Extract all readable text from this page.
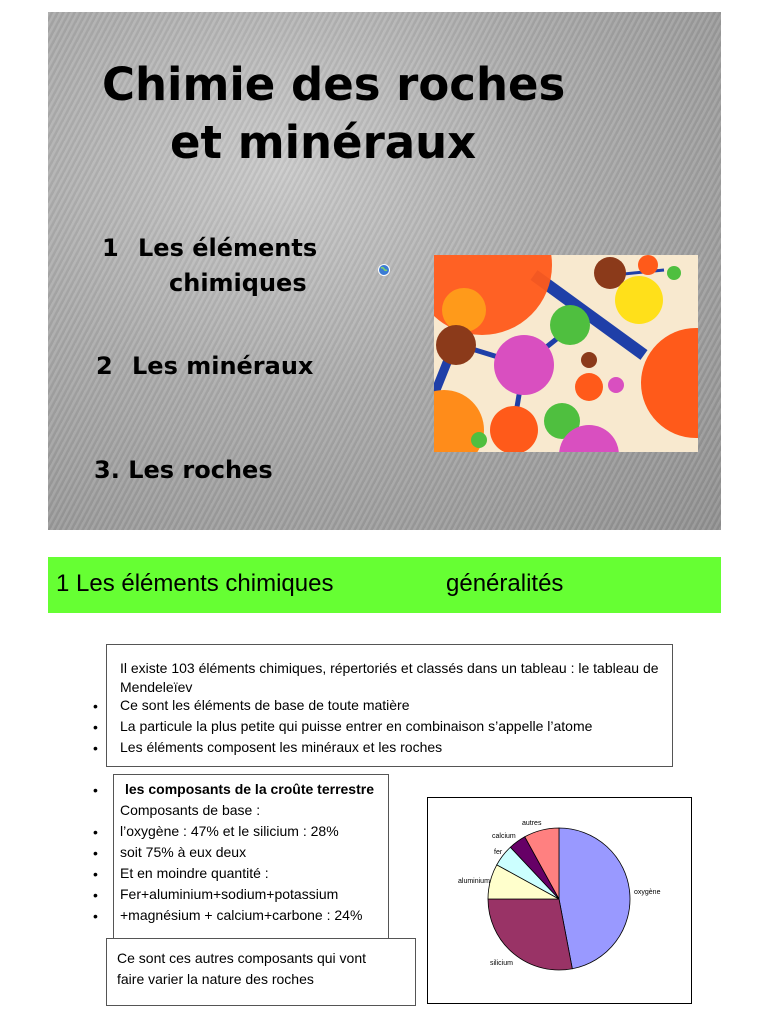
Chimie des roches
et minéraux
1 Les éléments
chimiques
2 Les minéraux
3. Les roches
1 Les éléments chimiques	généralités

Il existe 103 éléments chimiques, répertoriés et classés dans un tableau : le tableau de Mendeleïev

• Ce sont les éléments de base de toute matière
• La particule la plus petite qui puisse entrer en combinaison s’appelle l’atome
• Les éléments composent les minéraux et les roches
• les composants de la croûte terrestre
Composants de base :
• l’oxygène : 47% et le silicium : 28%
• soit 75% à eux deux
• Et en moindre quantité :
• Fer+aluminium+sodium+potassium
• +magnésium + calcium+carbone : 24%
Ce sont ces autres composants qui vont
faire varier la nature des roches
oxygène
silicium
aluminium
fer
calcium
autres
